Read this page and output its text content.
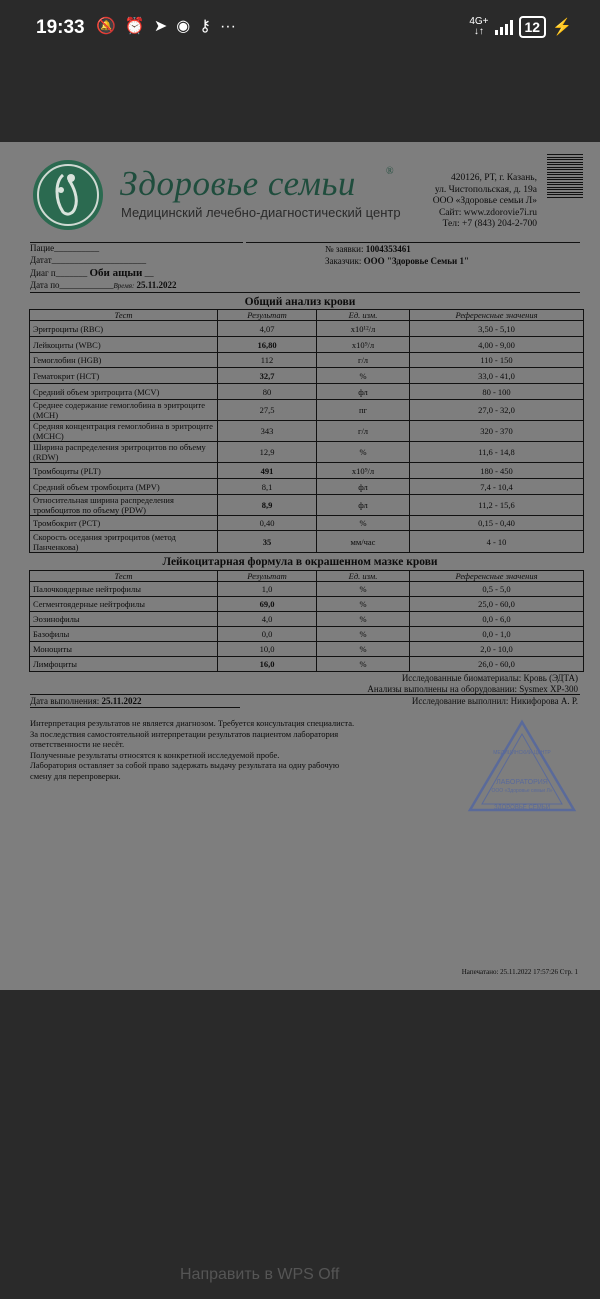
19:33 🔕 ⏰ ➤ ◉ ⚷ ···	4G+
↓↑	12 ⚡
Здоровье семьи	®
Медицинский лечебно-диагностический центр
420126, РТ, г. Казань,
ул. Чистопольская, д. 19а
ООО «Здоровье семьи Л»
Сайт: www.zdorovie7i.ru
Тел: +7 (843) 204-2-700
Пацие__________
Датат_____________________
Диаг п_______ Оби ащыи __
Дата по____________Время: 25.11.2022
№ заявки: 1004353461
Заказчик: ООО "Здоровье Семьи 1"
Общий анализ крови
Тест	Результат	Ед. изм.	Референсные значения
Эритроциты (RBC)	4,07	x10¹²/л	3,50 - 5,10
Лейкоциты (WBC)	16,80	x10⁹/л	4,00 - 9,00
Гемоглобин (HGB)	112	г/л	110 - 150
Гематокрит (HCT)	32,7	%	33,0 - 41,0
Средний объем эритроцита (MCV)	80	фл	80 - 100
Среднее содержание гемоглобина в эритроците (MCH)	27,5	пг	27,0 - 32,0
Средняя концентрация гемоглобина в эритроците (MCHC)	343	г/л	320 - 370
Ширина распределения эритроцитов по объему (RDW)	12,9	%	11,6 - 14,8
Тромбоциты (PLT)	491	x10⁹/л	180 - 450
Средний объем тромбоцита (MPV)	8,1	фл	7,4 - 10,4
Относительная ширина распределения тромбоцитов по объему (PDW)	8,9	фл	11,2 - 15,6
Тромбокрит (PCT)	0,40	%	0,15 - 0,40
Скорость оседания эритроцитов (метод Панченкова)	35	мм/час	4 - 10
Лейкоцитарная формула в окрашенном мазке крови
Тест	Результат	Ед. изм.	Референсные значения
Палочкоядерные нейтрофилы	1,0	%	0,5 - 5,0
Сегментоядерные нейтрофилы	69,0	%	25,0 - 60,0
Эозинофилы	4,0	%	0,0 - 6,0
Базофилы	0,0	%	0,0 - 1,0
Моноциты	10,0	%	2,0 - 10,0
Лимфоциты	16,0	%	26,0 - 60,0
Исследованные биоматериалы: Кровь (ЭДТА)
Анализы выполнены на оборудовании: Sysmex XP-300
Дата выполнения: 25.11.2022	Исследование выполнил: Никифорова А. Р.
Интерпретация результатов не является диагнозом. Требуется консультация специалиста.
За последствия самостоятельной интерпретации результатов пациентом лаборатория
ответственности не несёт.
Полученные результаты относятся к конкретной исследуемой пробе.
Лаборатория оставляет за собой право задержать выдачу результата на одну рабочую
смену для перепроверки.
МЕДИЦИНСКИЙ ЦЕНТР
ЛАБОРАТОРИЯ
ООО «Здоровье семьи Л»
ЗДОРОВЬЕ СЕМЬИ
Напечатано: 25.11.2022 17:57:26 Стр. 1
Направить в WPS Off
